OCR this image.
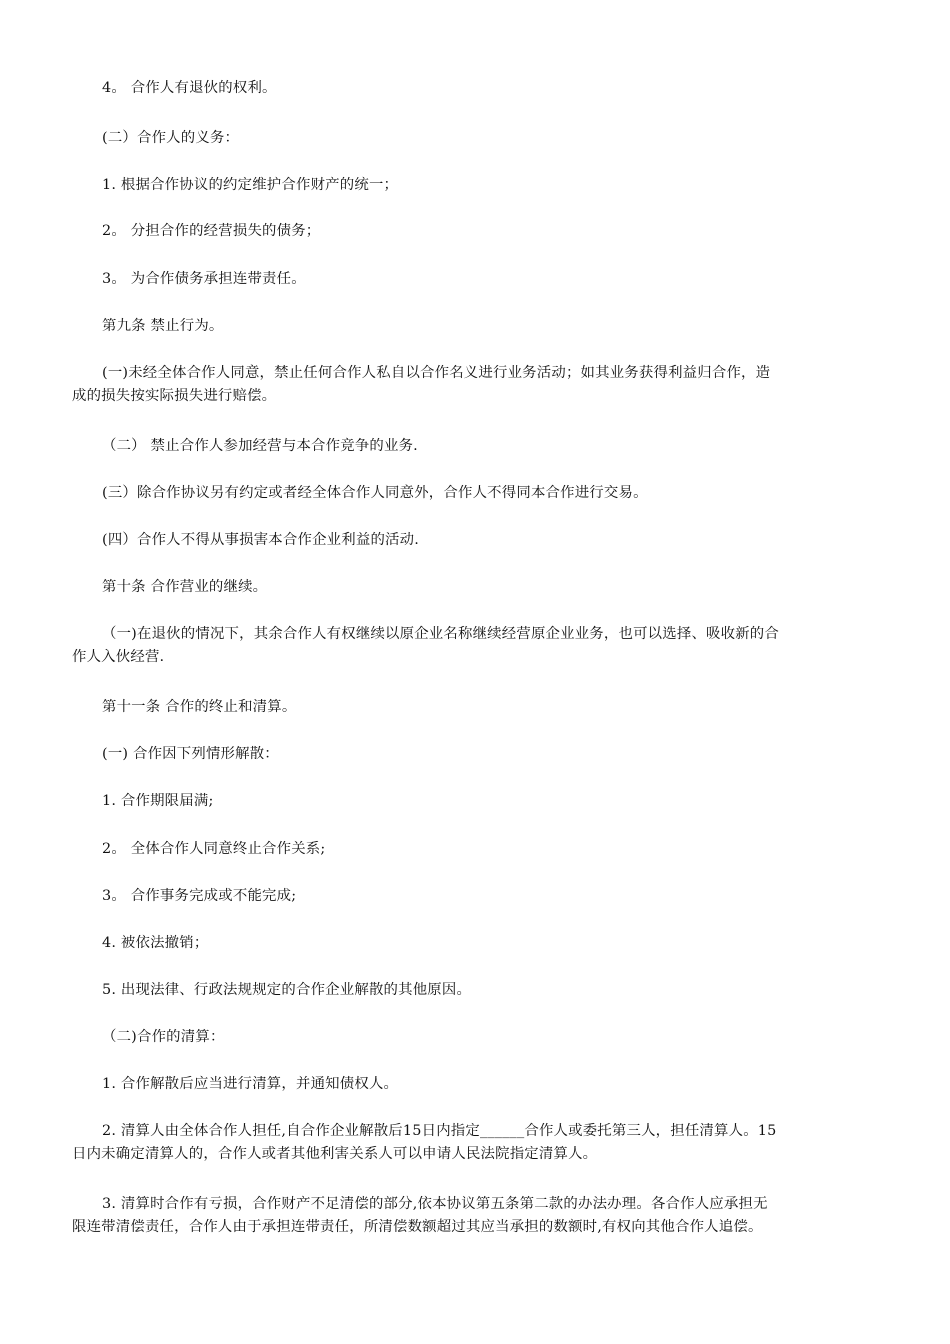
4。 合作人有退伙的权利。

(二）合作人的义务：

1. 根据合作协议的约定维护合作财产的统一；

2。 分担合作的经营损失的债务；

3。 为合作债务承担连带责任。

第九条 禁止行为。

(一)未经全体合作人同意，禁止任何合作人私自以合作名义进行业务活动；如其业务获得利益归合作，造
成的损失按实际损失进行赔偿。

（二） 禁止合作人参加经营与本合作竞争的业务.

(三）除合作协议另有约定或者经全体合作人同意外，合作人不得同本合作进行交易。

(四）合作人不得从事损害本合作企业利益的活动.

第十条 合作营业的继续。

（一)在退伙的情况下，其余合作人有权继续以原企业名称继续经营原企业业务，也可以选择、吸收新的合
作人入伙经营.

第十一条 合作的终止和清算。

(一) 合作因下列情形解散：

1. 合作期限届满;

2。 全体合作人同意终止合作关系;

3。 合作事务完成或不能完成;

4. 被依法撤销；

5. 出现法律、行政法规规定的合作企业解散的其他原因。

（二)合作的清算：

1. 合作解散后应当进行清算，并通知债权人。

2. 清算人由全体合作人担任,自合作企业解散后15日内指定______合作人或委托第三人，担任清算人。15
日内未确定清算人的，合作人或者其他利害关系人可以申请人民法院指定清算人。

3. 清算时合作有亏损，合作财产不足清偿的部分,依本协议第五条第二款的办法办理。各合作人应承担无
限连带清偿责任，合作人由于承担连带责任，所清偿数额超过其应当承担的数额时,有权向其他合作人追偿。
